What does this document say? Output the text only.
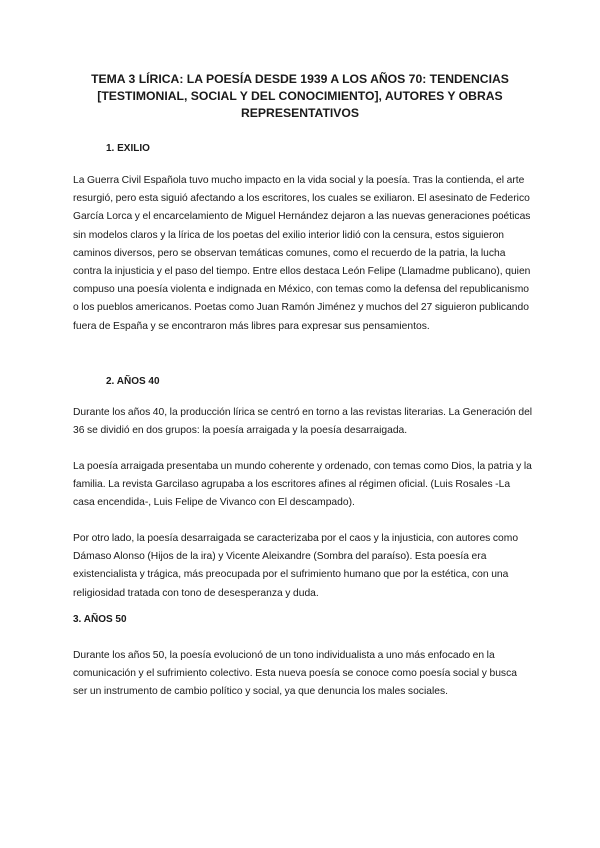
TEMA 3 LÍRICA: LA POESÍA DESDE 1939 A LOS AÑOS 70: TENDENCIAS [TESTIMONIAL, SOCIAL Y DEL CONOCIMIENTO], AUTORES Y OBRAS REPRESENTATIVOS
1. EXILIO

La Guerra Civil Española tuvo mucho impacto en la vida social y la poesía. Tras la contienda, el arte resurgió, pero esta siguió afectando a los escritores, los cuales se exiliaron. El asesinato de Federico García Lorca y el encarcelamiento de Miguel Hernández dejaron a las nuevas generaciones poéticas sin modelos claros y la lírica de los poetas del exilio interior lidió con la censura, estos siguieron caminos diversos, pero se observan temáticas comunes, como el recuerdo de la patria, la lucha contra la injusticia y el paso del tiempo. Entre ellos destaca León Felipe (Llamadme publicano), quien compuso una poesía violenta e indignada en México, con temas como la defensa del republicanismo o los pueblos americanos. Poetas como Juan Ramón Jiménez y muchos del 27 siguieron publicando fuera de España y se encontraron más libres para expresar sus pensamientos.

2. AÑOS 40

Durante los años 40, la producción lírica se centró en torno a las revistas literarias. La Generación del 36 se dividió en dos grupos: la poesía arraigada y la poesía desarraigada.

La poesía arraigada presentaba un mundo coherente y ordenado, con temas como Dios, la patria y la familia. La revista Garcilaso agrupaba a los escritores afines al régimen oficial. (Luis Rosales -La casa encendida-, Luis Felipe de Vivanco con El descampado).

Por otro lado, la poesía desarraigada se caracterizaba por el caos y la injusticia, con autores como Dámaso Alonso (Hijos de la ira) y Vicente Aleixandre (Sombra del paraíso). Esta poesía era existencialista y trágica, más preocupada por el sufrimiento humano que por la estética, con una religiosidad tratada con tono de desesperanza y duda.

3. AÑOS 50

Durante los años 50, la poesía evolucionó de un tono individualista a uno más enfocado en la comunicación y el sufrimiento colectivo. Esta nueva poesía se conoce como poesía social y busca ser un instrumento de cambio político y social, ya que denuncia los males sociales.
